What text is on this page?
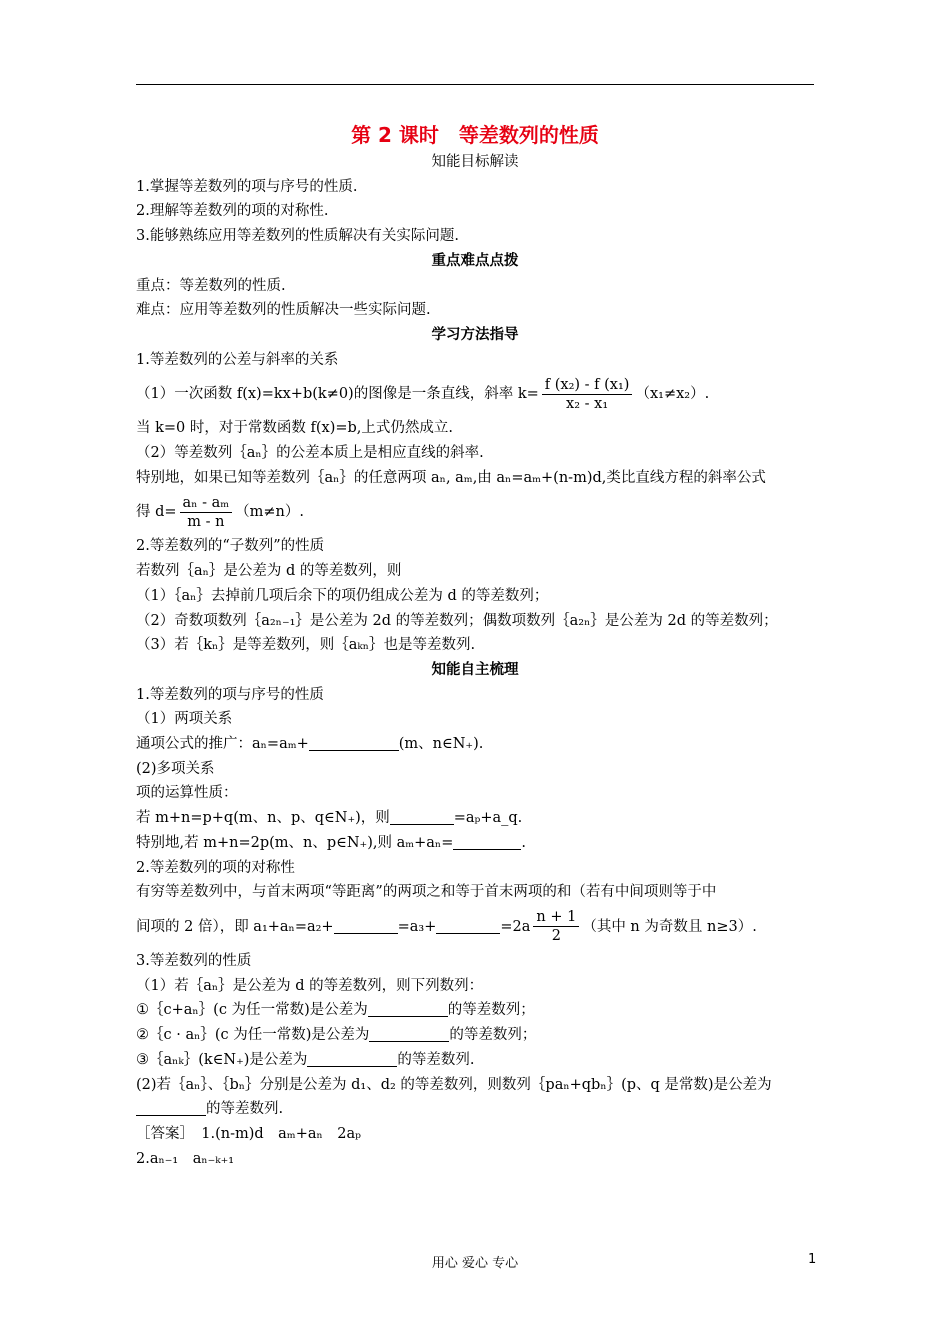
第 2 课时　等差数列的性质
知能目标解读

1.掌握等差数列的项与序号的性质.

2.理解等差数列的项的对称性.

3.能够熟练应用等差数列的性质解决有关实际问题.

重点难点点拨

重点：等差数列的性质.

难点：应用等差数列的性质解决一些实际问题.

学习方法指导

1.等差数列的公差与斜率的关系

（1）一次函数 f(x)=kx+b(k≠0)的图像是一条直线，斜率 $k= \frac{\text{f (x₂) - f (x₁)}}{\text{x₂ - x₁}} (x_1\ne x_2)$.

当 k=0 时，对于常数函数 f(x)=b,上式仍然成立.

（2）等差数列｛aₙ｝的公差本质上是相应直线的斜率.

特别地，如果已知等差数列｛aₙ｝的任意两项 aₙ, aₘ,由 aₙ=aₘ+(n-m)d,类比直线方程的斜率公式

得 $d= \frac{\text{aₙ - aₘ}}{m - n} (m\ne n)$.

2.等差数列的“子数列”的性质

若数列｛aₙ｝是公差为 d 的等差数列，则

（1）｛aₙ｝去掉前几项后余下的项仍组成公差为 d 的等差数列；

（2）奇数项数列｛a₂ₙ₋₁｝是公差为 2d 的等差数列；偶数项数列｛a₂ₙ｝是公差为 2d 的等差数列；

（3）若｛kₙ｝是等差数列，则｛aₖₙ｝也是等差数列.

知能自主梳理

1.等差数列的项与序号的性质

（1）两项关系

通项公式的推广：aₙ=aₘ+	(m、n∈N₊).

(2)多项关系

项的运算性质：

若 m+n=p+q(m、n、p、q∈N₊)，则	=aₚ+a_q.

特别地,若 m+n=2p(m、n、p∈N₊),则 aₘ+aₙ=	.

2.等差数列的项的对称性

有穷等差数列中，与首末两项“等距离”的两项之和等于首末两项的和（若有中间项则等于中

间项的 2 倍），即 a₁+aₙ=a₂+	=a₃+	$=2a \frac{n + 1}{2}$ （其中 n 为奇数且 n≥3）.

3.等差数列的性质

（1）若｛aₙ｝是公差为 d 的等差数列，则下列数列：

①｛c+aₙ｝(c 为任一常数)是公差为	的等差数列；

②｛c · aₙ｝(c 为任一常数)是公差为	的等差数列；

③｛aₙₖ｝(k∈N₊)是公差为	的等差数列.

(2)若｛aₙ｝、｛bₙ｝分别是公差为 d₁、d₂ 的等差数列，则数列｛paₙ+qbₙ｝(p、q 是常数)是公差为的等差数列.

［答案］　1.(n-m)d　aₘ+aₙ　2aₚ

2.aₙ₋₁　aₙ₋ₖ₊₁

用心 爱心 专心	1
